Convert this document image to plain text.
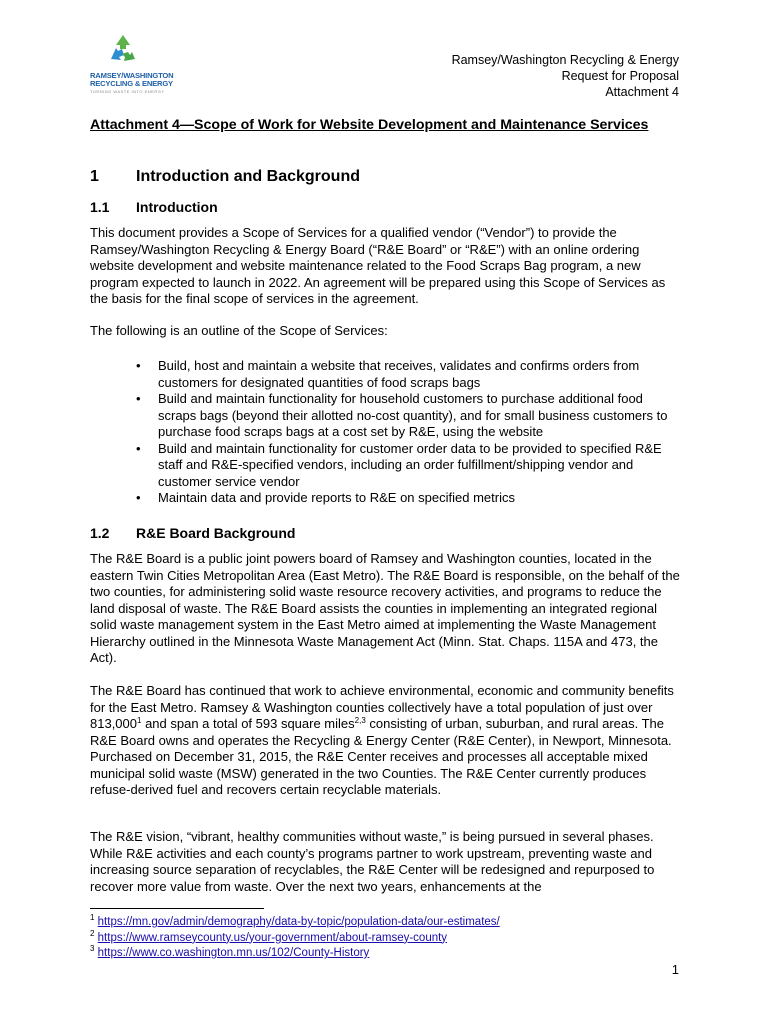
RAMSEY/WASHINGTON
RECYCLING & ENERGY
TURNING WASTE INTO ENERGY
Ramsey/Washington Recycling & Energy
Request for Proposal
Attachment 4
Attachment 4—Scope of Work for Website Development and Maintenance Services
1 Introduction and Background
1.1 Introduction

This document provides a Scope of Services for a qualified vendor (“Vendor”) to provide the Ramsey/Washington Recycling & Energy Board (“R&E Board” or “R&E”) with an online ordering website development and website maintenance related to the Food Scraps Bag program, a new program expected to launch in 2022. An agreement will be prepared using this Scope of Services as the basis for the final scope of services in the agreement.

The following is an outline of the Scope of Services:

• Build, host and maintain a website that receives, validates and confirms orders from customers for designated quantities of food scraps bags
• Build and maintain functionality for household customers to purchase additional food scraps bags (beyond their allotted no-cost quantity), and for small business customers to purchase food scraps bags at a cost set by R&E, using the website
• Build and maintain functionality for customer order data to be provided to specified R&E staff and R&E-specified vendors, including an order fulfillment/shipping vendor and customer service vendor
• Maintain data and provide reports to R&E on specified metrics
1.2 R&E Board Background

The R&E Board is a public joint powers board of Ramsey and Washington counties, located in the eastern Twin Cities Metropolitan Area (East Metro). The R&E Board is responsible, on the behalf of the two counties, for administering solid waste resource recovery activities, and programs to reduce the land disposal of waste. The R&E Board assists the counties in implementing an integrated regional solid waste management system in the East Metro aimed at implementing the Waste Management Hierarchy outlined in the Minnesota Waste Management Act (Minn. Stat. Chaps. 115A and 473, the Act).

The R&E Board has continued that work to achieve environmental, economic and community benefits for the East Metro. Ramsey & Washington counties collectively have a total population of just over 813,000$^1$ and span a total of 593 square miles$^{2,3}$ consisting of urban, suburban, and rural areas. The R&E Board owns and operates the Recycling & Energy Center (R&E Center), in Newport, Minnesota. Purchased on December 31, 2015, the R&E Center receives and processes all acceptable mixed municipal solid waste (MSW) generated in the two Counties. The R&E Center currently produces refuse-derived fuel and recovers certain recyclable materials.

The R&E vision, “vibrant, healthy communities without waste,” is being pursued in several phases. While R&E activities and each county’s programs partner to work upstream, preventing waste and increasing source separation of recyclables, the R&E Center will be redesigned and repurposed to recover more value from waste. Over the next two years, enhancements at the

$^1$ https://mn.gov/admin/demography/data-by-topic/population-data/our-estimates/
$^2$ https://www.ramseycounty.us/your-government/about-ramsey-county
$^3$ https://www.co.washington.mn.us/102/County-History
1
